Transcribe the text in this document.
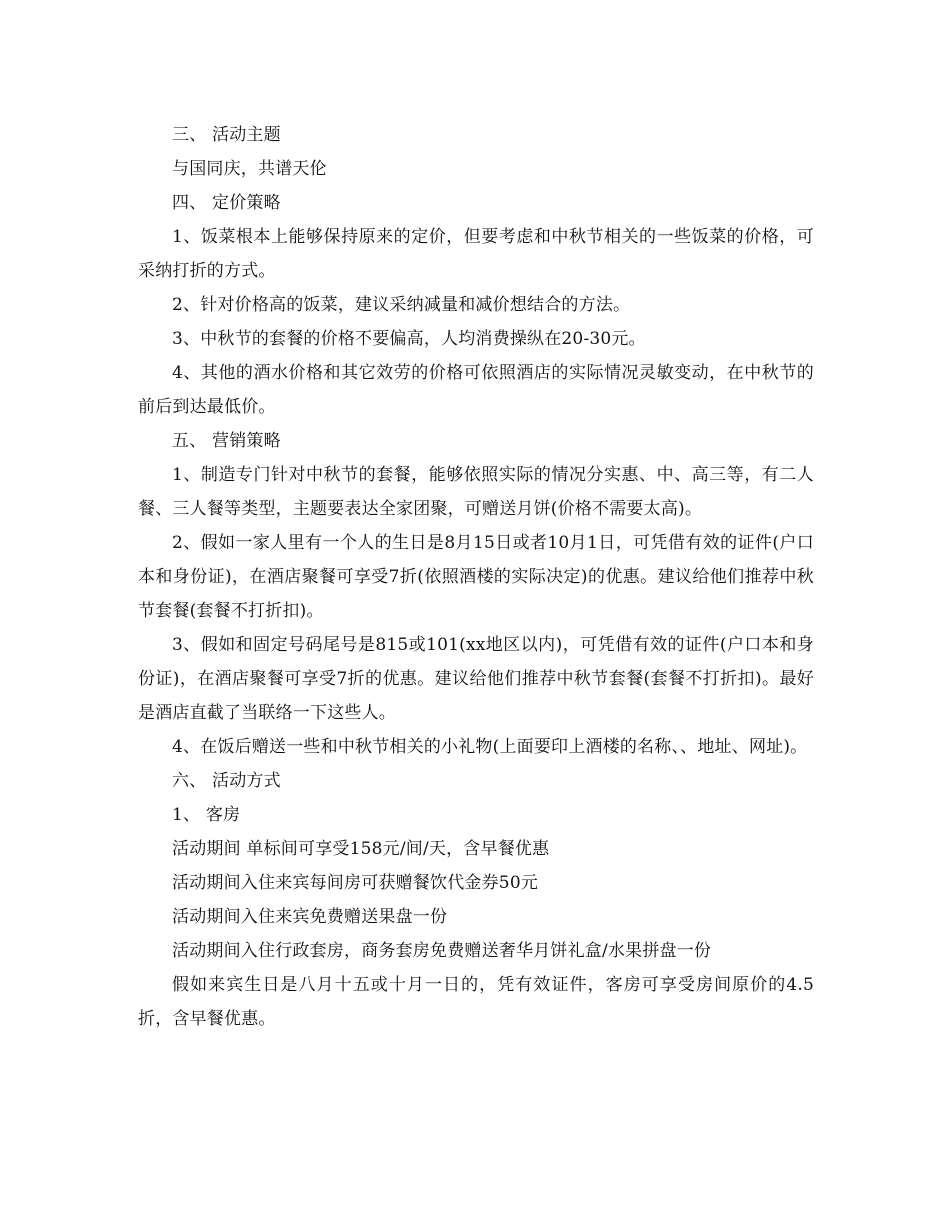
三、 活动主题

与国同庆，共谱天伦

四、 定价策略

1、饭菜根本上能够保持原来的定价，但要考虑和中秋节相关的一些饭菜的价格，可采纳打折的方式。

2、针对价格高的饭菜，建议采纳减量和减价想结合的方法。

3、中秋节的套餐的价格不要偏高，人均消费操纵在20-30元。

4、其他的酒水价格和其它效劳的价格可依照酒店的实际情况灵敏变动，在中秋节的前后到达最低价。

五、 营销策略

1、制造专门针对中秋节的套餐，能够依照实际的情况分实惠、中、高三等，有二人餐、三人餐等类型，主题要表达全家团聚，可赠送月饼(价格不需要太高)。

2、假如一家人里有一个人的生日是8月15日或者10月1日，可凭借有效的证件(户口本和身份证)，在酒店聚餐可享受7折(依照酒楼的实际决定)的优惠。建议给他们推荐中秋节套餐(套餐不打折扣)。

3、假如和固定号码尾号是815或101(xx地区以内)，可凭借有效的证件(户口本和身份证)，在酒店聚餐可享受7折的优惠。建议给他们推荐中秋节套餐(套餐不打折扣)。最好是酒店直截了当联络一下这些人。

4、在饭后赠送一些和中秋节相关的小礼物(上面要印上酒楼的名称、、地址、网址)。

六、 活动方式

1、 客房

活动期间 单标间可享受158元/间/天，含早餐优惠

活动期间入住来宾每间房可获赠餐饮代金券50元

活动期间入住来宾免费赠送果盘一份

活动期间入住行政套房，商务套房免费赠送奢华月饼礼盒/水果拼盘一份

假如来宾生日是八月十五或十月一日的，凭有效证件，客房可享受房间原价的4.5折，含早餐优惠。
